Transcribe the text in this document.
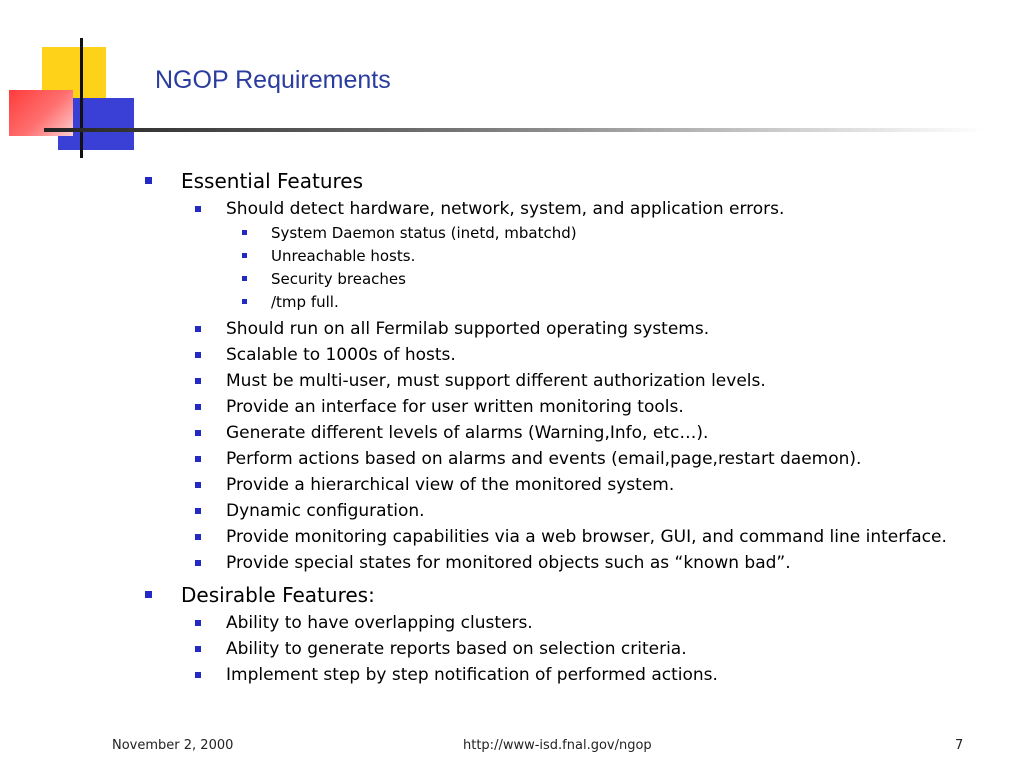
NGOP Requirements
Essential Features
Should detect hardware, network, system, and application errors.
System Daemon status (inetd, mbatchd)
Unreachable hosts.
Security breaches
/tmp full.
Should run on all Fermilab supported operating systems.
Scalable to 1000s of hosts.
Must be multi-user, must support different authorization levels.
Provide an interface for user written monitoring tools.
Generate different levels of alarms (Warning,Info, etc…).
Perform actions based on alarms and events (email,page,restart daemon).
Provide a hierarchical view of the monitored system.
Dynamic configuration.
Provide monitoring capabilities via a web browser, GUI, and command line interface.
Provide special states for monitored objects such as “known bad”.
Desirable Features:
Ability to have overlapping clusters.
Ability to generate reports based on selection criteria.
Implement step by step notification of performed actions.
November 2, 2000	http://www-isd.fnal.gov/ngop	7
